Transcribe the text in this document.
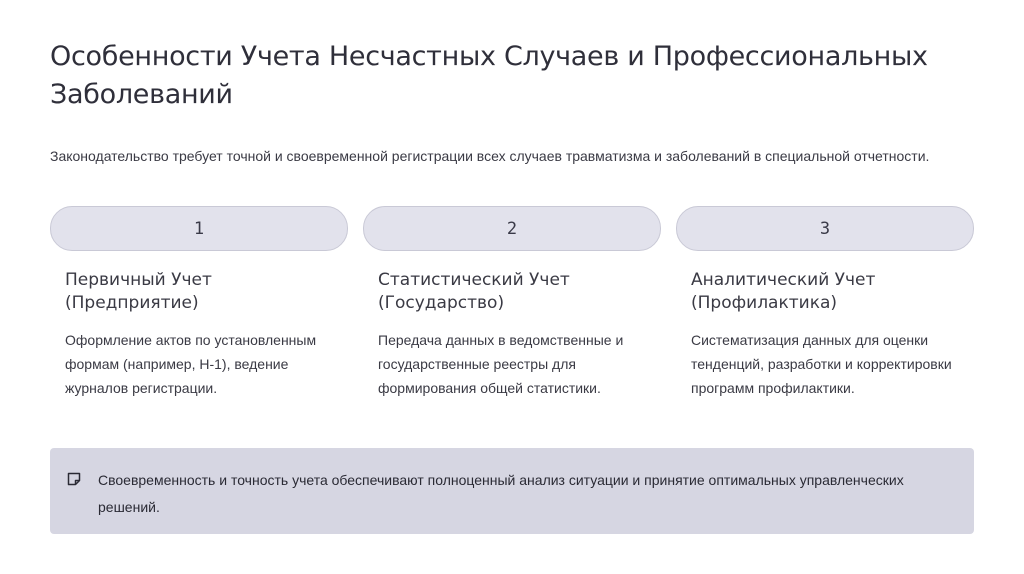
Особенности Учета Несчастных Случаев и Профессиональных Заболеваний

Законодательство требует точной и своевременной регистрации всех случаев травматизма и заболеваний в специальной отчетности.

1
Первичный Учет
(Предприятие)
Оформление актов по установленным формам (например, Н-1), ведение журналов регистрации.
2
Статистический Учет
(Государство)
Передача данных в ведомственные и государственные реестры для формирования общей статистики.
3
Аналитический Учет
(Профилактика)
Систематизация данных для оценки тенденций, разработки и корректировки программ профилактики.
Своевременность и точность учета обеспечивают полноценный анализ ситуации и принятие оптимальных управленческих решений.
